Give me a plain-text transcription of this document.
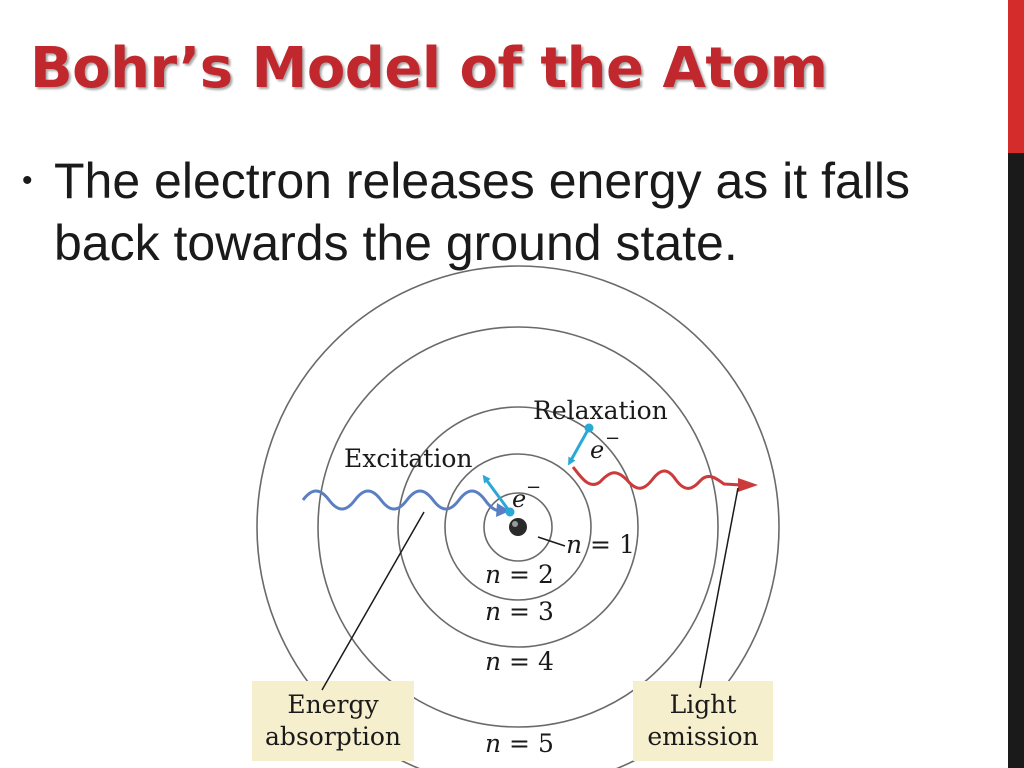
Bohr’s Model of the Atom
• The electron releases energy as it falls back towards the ground state.
Relaxation
Excitation	e −
e −
n = 1
n = 2
n = 3
n = 4
n = 5
Energy
absorption
Light
emission
